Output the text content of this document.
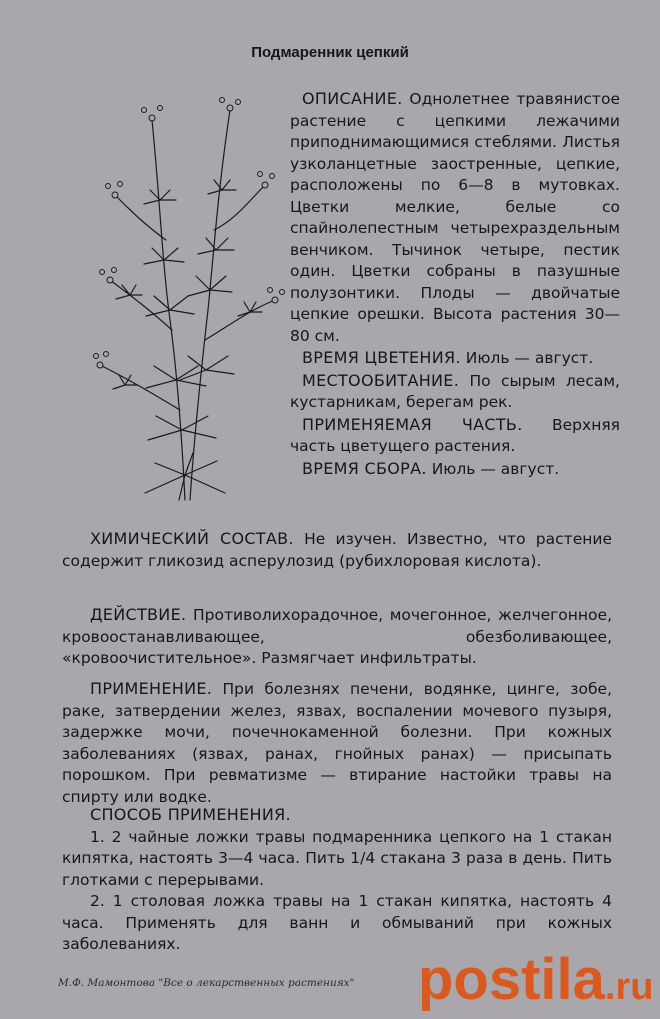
Подмаренник цепкий

ОПИСАНИЕ. Однолетнее травянистое растение с цепкими лежачими приподнимающимися стеблями. Листья узколанцетные заостренные, цепкие, расположены по 6—8 в мутовках. Цветки мелкие, белые со спайнолепестным четырехраздельным венчиком. Тычинок четыре, пестик один. Цветки собраны в пазушные полузонтики. Плоды — двойчатые цепкие орешки. Высота растения 30—80 см.

ВРЕМЯ ЦВЕТЕНИЯ. Июль — август.

МЕСТООБИТАНИЕ. По сырым лесам, кустарникам, берегам рек.

ПРИМЕНЯЕМАЯ ЧАСТЬ. Верхняя часть цветущего растения.

ВРЕМЯ СБОРА. Июль — август.

ХИМИЧЕСКИЙ СОСТАВ. Не изучен. Известно, что растение содержит гликозид асперулозид (рубихлоровая кислота).

ДЕЙСТВИЕ. Противолихорадочное, мочегонное, желчегонное, кровоостанавливающее, обезболивающее, «кровоочистительное». Размягчает инфильтраты.

ПРИМЕНЕНИЕ. При болезнях печени, водянке, цинге, зобе, раке, затвердении желез, язвах, воспалении мочевого пузыря, задержке мочи, почечнокаменной болезни. При кожных заболеваниях (язвах, ранах, гнойных ранах) — присыпать порошком. При ревматизме — втирание настойки травы на спирту или водке.

СПОСОБ ПРИМЕНЕНИЯ.

1. 2 чайные ложки травы подмаренника цепкого на 1 стакан кипятка, настоять 3—4 часа. Пить 1/4 стакана 3 раза в день. Пить глотками с перерывами.

2. 1 столовая ложка травы на 1 стакан кипятка, настоять 4 часа. Применять для ванн и обмываний при кожных заболеваниях.

М.Ф. Мамонтова "Все о лекарственных растениях" postila.ru
